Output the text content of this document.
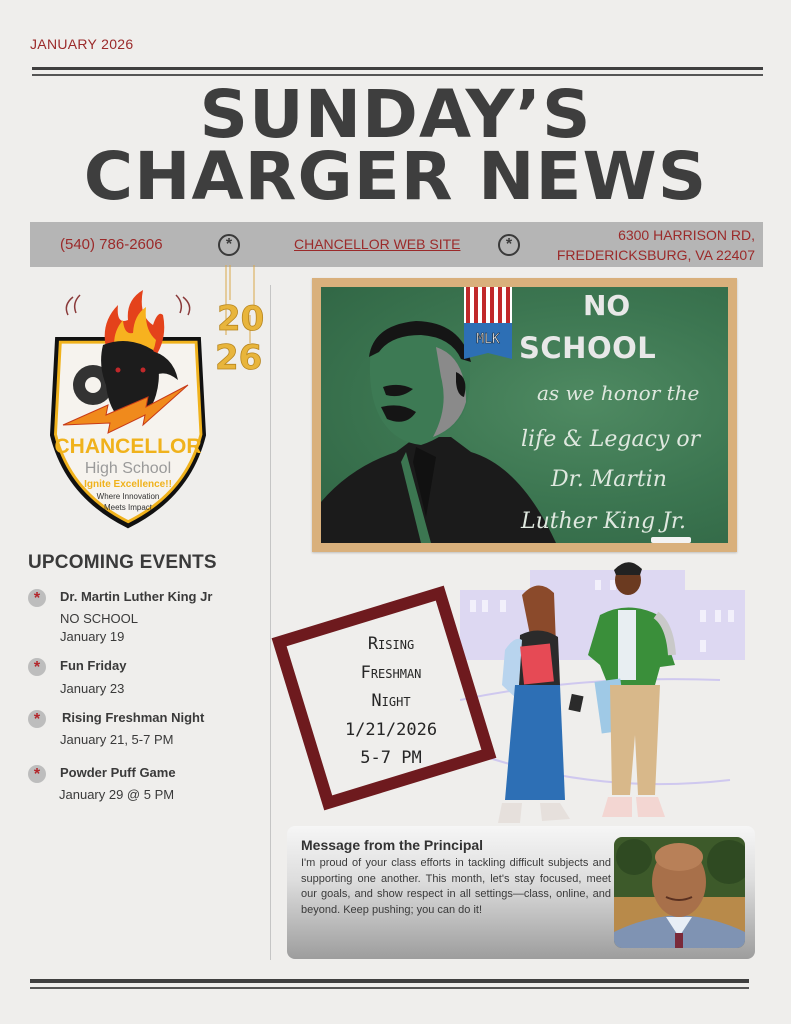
JANUARY 2026
SUNDAY’S
CHARGER NEWS
(540) 786-2606	*	CHANCELLOR WEB SITE	*
6300 HARRISON RD,
FREDERICKSBURG, VA 22407
CHANCELLOR
High School
Ignite Excellence!!
Where Innovation
Meets Impact
20
26
UPCOMING EVENTS
*	Dr. Martin Luther King Jr
NO SCHOOL
January 19
*	Fun Friday
January 23
*	Rising Freshman Night
January 21, 5-7 PM
*	Powder Puff Game
January 29 @ 5 PM
MLK
NO
SCHOOL
as we honor the
life & Legacy or
Dr. Martin
Luther King Jr.
Rising
Freshman
Night
1/21/2026
5-7 PM
Message from the Principal
I'm proud of your class efforts in tackling difficult subjects and supporting one another. This month, let's stay focused, meet our goals, and show respect in all settings—class, online, and beyond. Keep pushing; you can do it!
